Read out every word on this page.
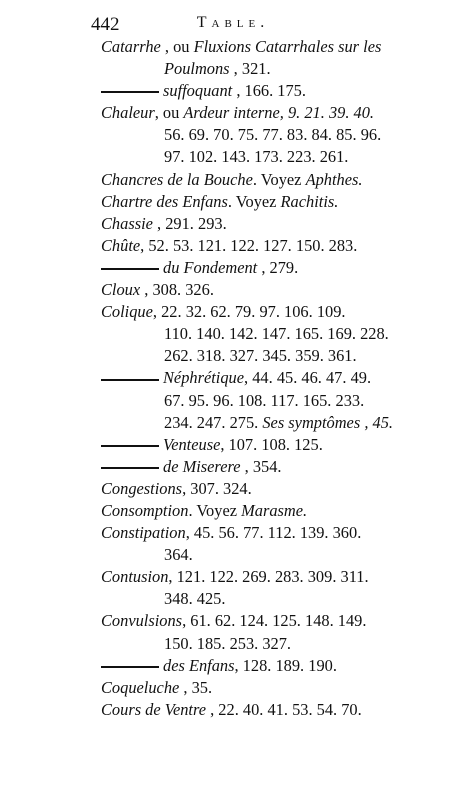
442	Table.
Catarrhe , ou Fluxions Catarrhales sur les
Poulmons , 321.
suffoquant , 166. 175.
Chaleur, ou Ardeur interne, 9. 21. 39. 40.
56. 69. 70. 75. 77. 83. 84. 85. 96.
97. 102. 143. 173. 223. 261.
Chancres de la Bouche. Voyez Aphthes.
Chartre des Enfans. Voyez Rachitis.
Chassie , 291. 293.
Chûte, 52. 53. 121. 122. 127. 150. 283.
du Fondement , 279.
Cloux , 308. 326.
Colique, 22. 32. 62. 79. 97. 106. 109.
110. 140. 142. 147. 165. 169. 228.
262. 318. 327. 345. 359. 361.
Néphrétique, 44. 45. 46. 47. 49.
67. 95. 96. 108. 117. 165. 233.
234. 247. 275. Ses symptômes , 45.
Venteuse, 107. 108. 125.
de Miserere , 354.
Congestions, 307. 324.
Consomption. Voyez Marasme.
Constipation, 45. 56. 77. 112. 139. 360.
364.
Contusion, 121. 122. 269. 283. 309. 311.
348. 425.
Convulsions, 61. 62. 124. 125. 148. 149.
150. 185. 253. 327.
des Enfans, 128. 189. 190.
Coqueluche , 35.
Cours de Ventre , 22. 40. 41. 53. 54. 70.
